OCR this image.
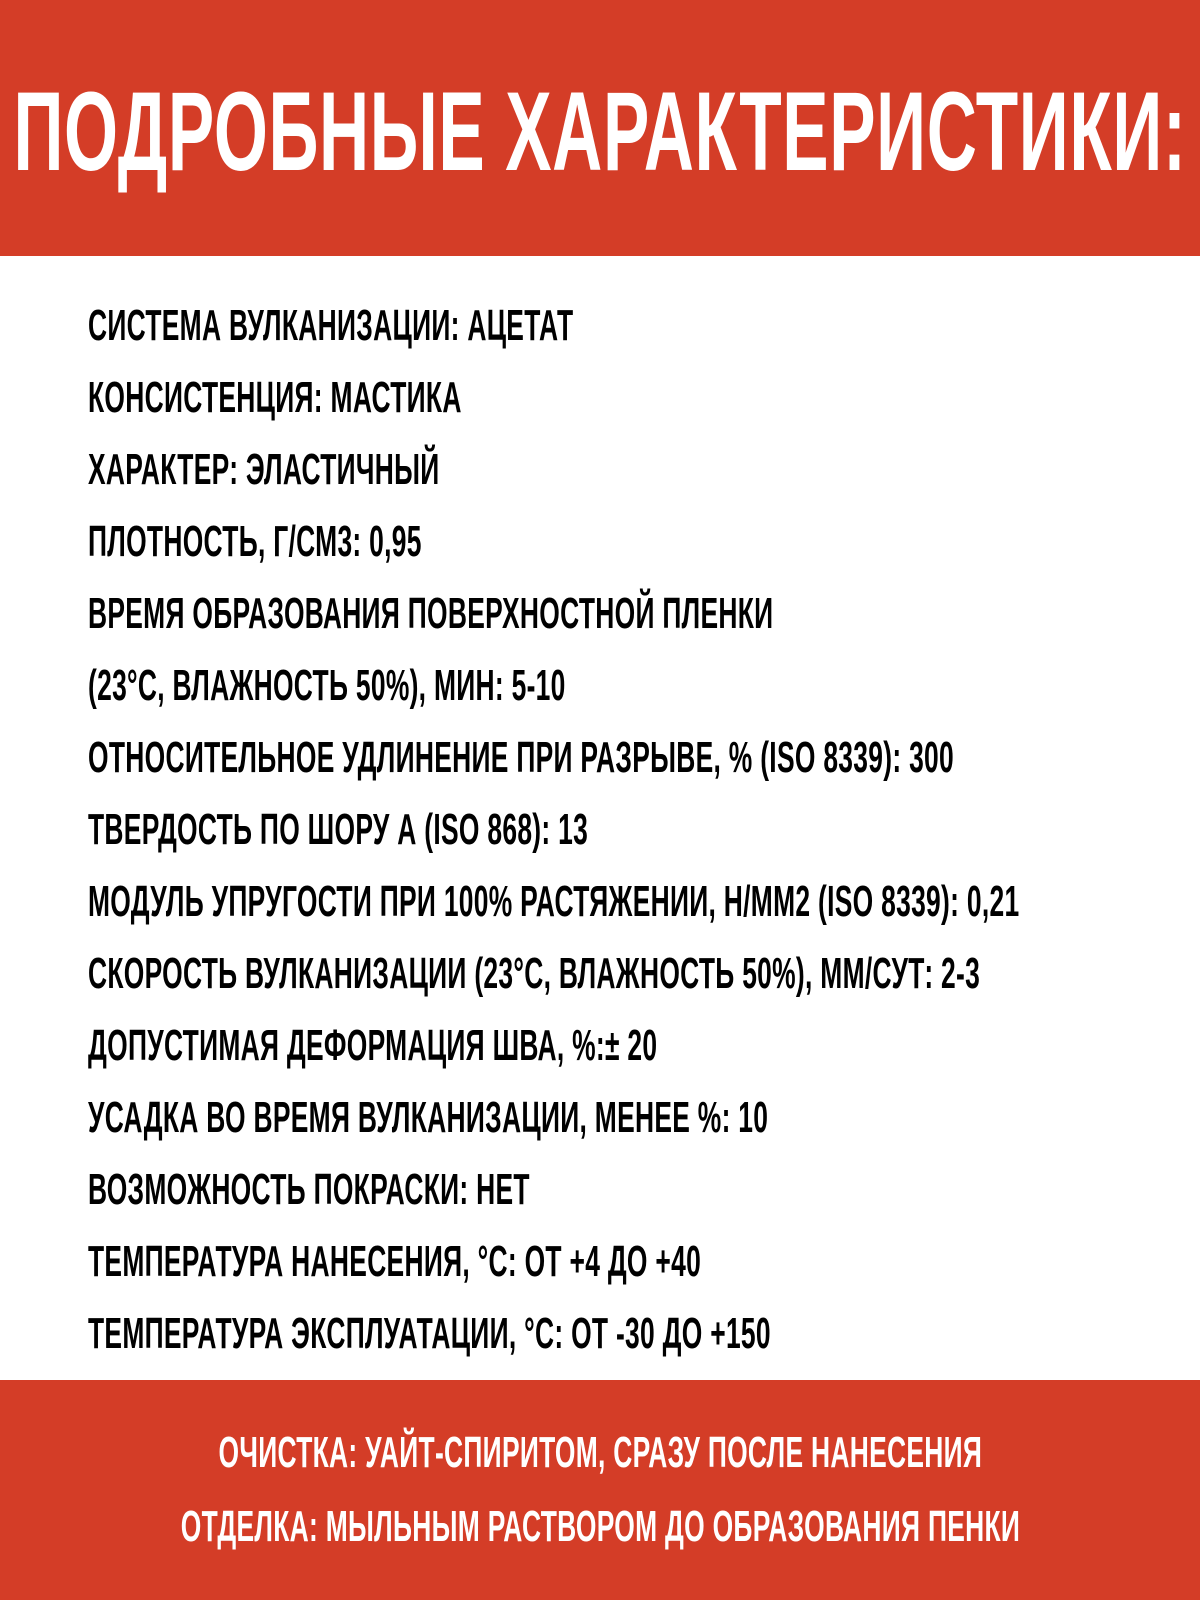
ПОДРОБНЫЕ ХАРАКТЕРИСТИКИ:
СИСТЕМА ВУЛКАНИЗАЦИИ: АЦЕТАТ
КОНСИСТЕНЦИЯ: МАСТИКА
ХАРАКТЕР: ЭЛАСТИЧНЫЙ
ПЛОТНОСТЬ, Г/СМ3: 0,95
ВРЕМЯ ОБРАЗОВАНИЯ ПОВЕРХНОСТНОЙ ПЛЕНКИ
(23°C, ВЛАЖНОСТЬ 50%), МИН: 5-10
ОТНОСИТЕЛЬНОЕ УДЛИНЕНИЕ ПРИ РАЗРЫВЕ, % (ISO 8339): 300
ТВЕРДОСТЬ ПО ШОРУ А (ISO 868): 13
МОДУЛЬ УПРУГОСТИ ПРИ 100% РАСТЯЖЕНИИ, Н/ММ2 (ISO 8339): 0,21
СКОРОСТЬ ВУЛКАНИЗАЦИИ (23°C, ВЛАЖНОСТЬ 50%), ММ/СУТ: 2-3
ДОПУСТИМАЯ ДЕФОРМАЦИЯ ШВА, %:± 20
УСАДКА ВО ВРЕМЯ ВУЛКАНИЗАЦИИ, МЕНЕЕ %: 10
ВОЗМОЖНОСТЬ ПОКРАСКИ: НЕТ
ТЕМПЕРАТУРА НАНЕСЕНИЯ, °С: ОТ +4 ДО +40
ТЕМПЕРАТУРА ЭКСПЛУАТАЦИИ, °С: ОТ -30 ДО +150
ОЧИСТКА: УАЙТ-СПИРИТОМ, СРАЗУ ПОСЛЕ НАНЕСЕНИЯ
ОТДЕЛКА: МЫЛЬНЫМ РАСТВОРОМ ДО ОБРАЗОВАНИЯ ПЕНКИ
